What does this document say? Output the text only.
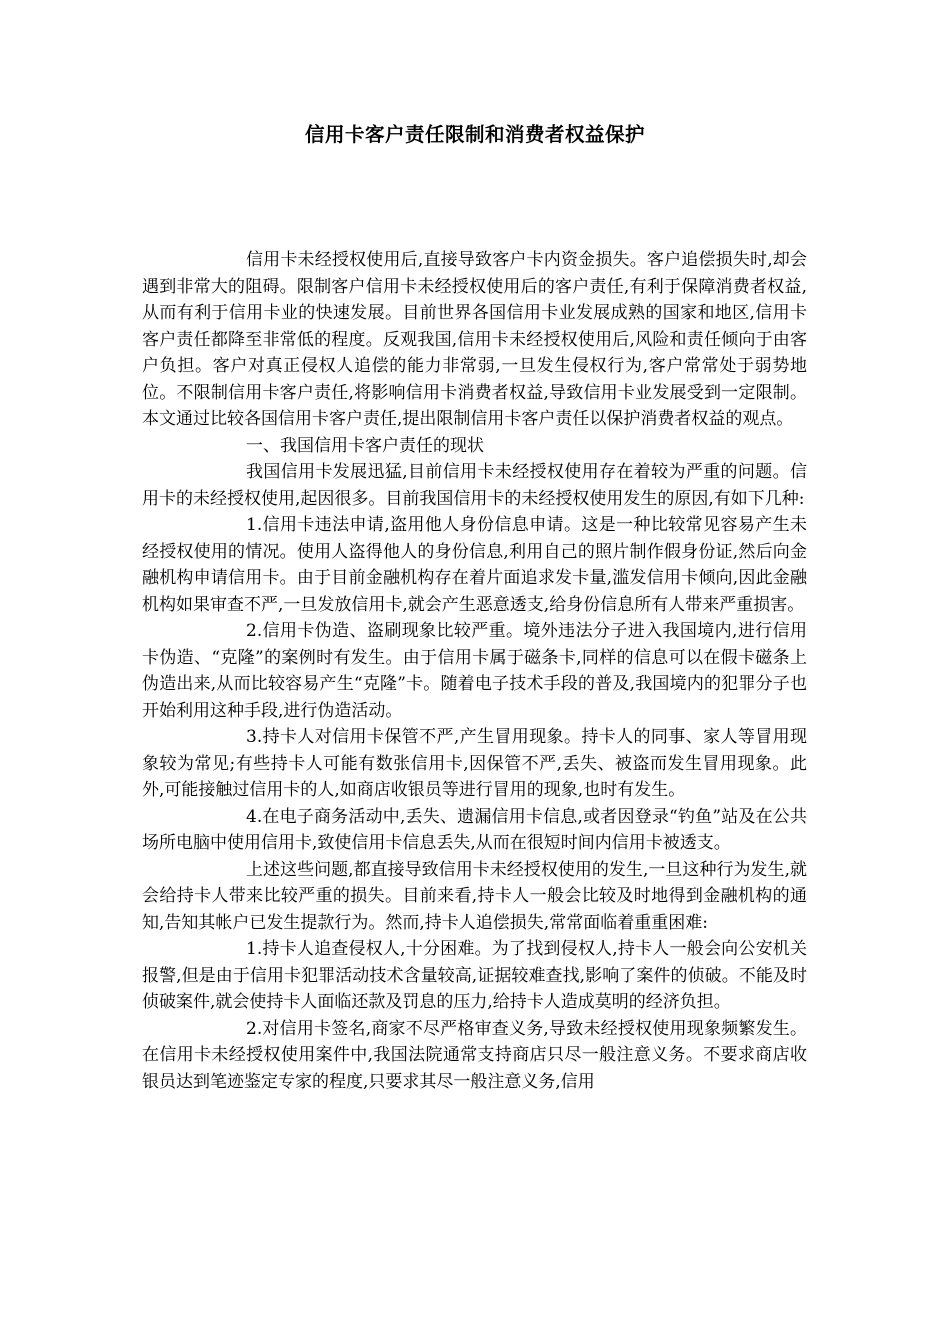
信用卡客户责任限制和消费者权益保护

信用卡未经授权使用后,直接导致客户卡内资金损失。客户追偿损失时,却会遇到非常大的阻碍。限制客户信用卡未经授权使用后的客户责任,有利于保障消费者权益,从而有利于信用卡业的快速发展。目前世界各国信用卡业发展成熟的国家和地区,信用卡客户责任都降至非常低的程度。反观我国,信用卡未经授权使用后,风险和责任倾向于由客户负担。客户对真正侵权人追偿的能力非常弱,一旦发生侵权行为,客户常常处于弱势地位。不限制信用卡客户责任,将影响信用卡消费者权益,导致信用卡业发展受到一定限制。本文通过比较各国信用卡客户责任,提出限制信用卡客户责任以保护消费者权益的观点。

一、我国信用卡客户责任的现状

我国信用卡发展迅猛,目前信用卡未经授权使用存在着较为严重的问题。信用卡的未经授权使用,起因很多。目前我国信用卡的未经授权使用发生的原因,有如下几种:

1.信用卡违法申请,盗用他人身份信息申请。这是一种比较常见容易产生未经授权使用的情况。使用人盗得他人的身份信息,利用自己的照片制作假身份证,然后向金融机构申请信用卡。由于目前金融机构存在着片面追求发卡量,滥发信用卡倾向,因此金融机构如果审查不严,一旦发放信用卡,就会产生恶意透支,给身份信息所有人带来严重损害。

2.信用卡伪造、盗刷现象比较严重。境外违法分子进入我国境内,进行信用卡伪造、“克隆”的案例时有发生。由于信用卡属于磁条卡,同样的信息可以在假卡磁条上伪造出来,从而比较容易产生“克隆”卡。随着电子技术手段的普及,我国境内的犯罪分子也开始利用这种手段,进行伪造活动。

3.持卡人对信用卡保管不严,产生冒用现象。持卡人的同事、家人等冒用现象较为常见;有些持卡人可能有数张信用卡,因保管不严,丢失、被盗而发生冒用现象。此外,可能接触过信用卡的人,如商店收银员等进行冒用的现象,也时有发生。

4.在电子商务活动中,丢失、遗漏信用卡信息,或者因登录“钓鱼”站及在公共场所电脑中使用信用卡,致使信用卡信息丢失,从而在很短时间内信用卡被透支。

上述这些问题,都直接导致信用卡未经授权使用的发生,一旦这种行为发生,就会给持卡人带来比较严重的损失。目前来看,持卡人一般会比较及时地得到金融机构的通知,告知其帐户已发生提款行为。然而,持卡人追偿损失,常常面临着重重困难:

1.持卡人追查侵权人,十分困难。为了找到侵权人,持卡人一般会向公安机关报警,但是由于信用卡犯罪活动技术含量较高,证据较难查找,影响了案件的侦破。不能及时侦破案件,就会使持卡人面临还款及罚息的压力,给持卡人造成莫明的经济负担。

2.对信用卡签名,商家不尽严格审查义务,导致未经授权使用现象频繁发生。在信用卡未经授权使用案件中,我国法院通常支持商店只尽一般注意义务。不要求商店收银员达到笔迹鉴定专家的程度,只要求其尽一般注意义务,信用
